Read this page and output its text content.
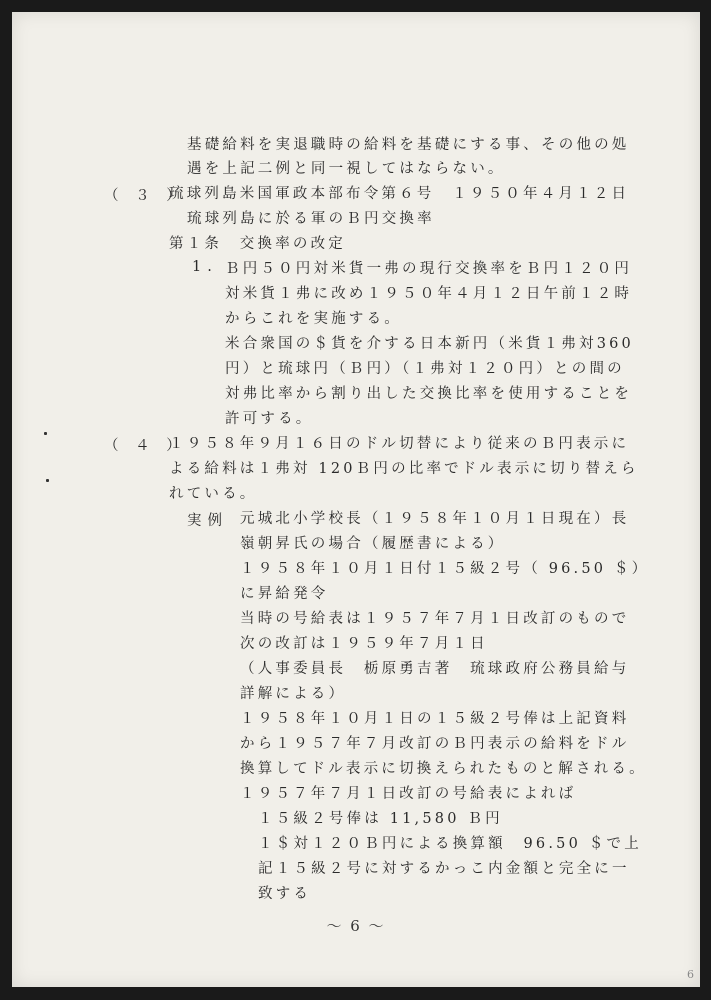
基礎給料を実退職時の給料を基礎にする事、その他の処
遇を上記二例と同一視してはならない。
（ ３ ）
琉球列島米国軍政本部布令第６号　１９５０年４月１２日
琉球列島に於る軍のＢ円交換率
第１条　交換率の改定
1. Ｂ円５０円対米貨一弗の現行交換率をＢ円１２０円
対米貨１弗に改め１９５０年４月１２日午前１２時
からこれを実施する。
米合衆国の＄貨を介する日本新円（米貨１弗対360
円）と琉球円（Ｂ円）（１弗対１２０円）との間の
対弗比率から割り出した交換比率を使用することを
許可する。
（ ４ ）
１９５８年９月１６日のドル切替により従来のＢ円表示に
よる給料は１弗対 120Ｂ円の比率でドル表示に切り替えら
れている。
実例 元城北小学校長（１９５８年１０月１日現在）長
嶺朝昇氏の場合（履歴書による）
１９５８年１０月１日付１５級２号（ 96.50 ＄）
に昇給発令
当時の号給表は１９５７年７月１日改訂のもので
次の改訂は１９５９年７月１日
（人事委員長　栃原勇吉著　琉球政府公務員給与
詳解による）
１９５８年１０月１日の１５級２号俸は上記資料
から１９５７年７月改訂のＢ円表示の給料をドル
換算してドル表示に切換えられたものと解される。
１９５７年７月１日改訂の号給表によれば
１５級２号俸は 11,580 Ｂ円
１＄対１２０Ｂ円による換算額　96.50 ＄で上
記１５級２号に対するかっこ内金額と完全に一
致する
～ 6 ～
6
